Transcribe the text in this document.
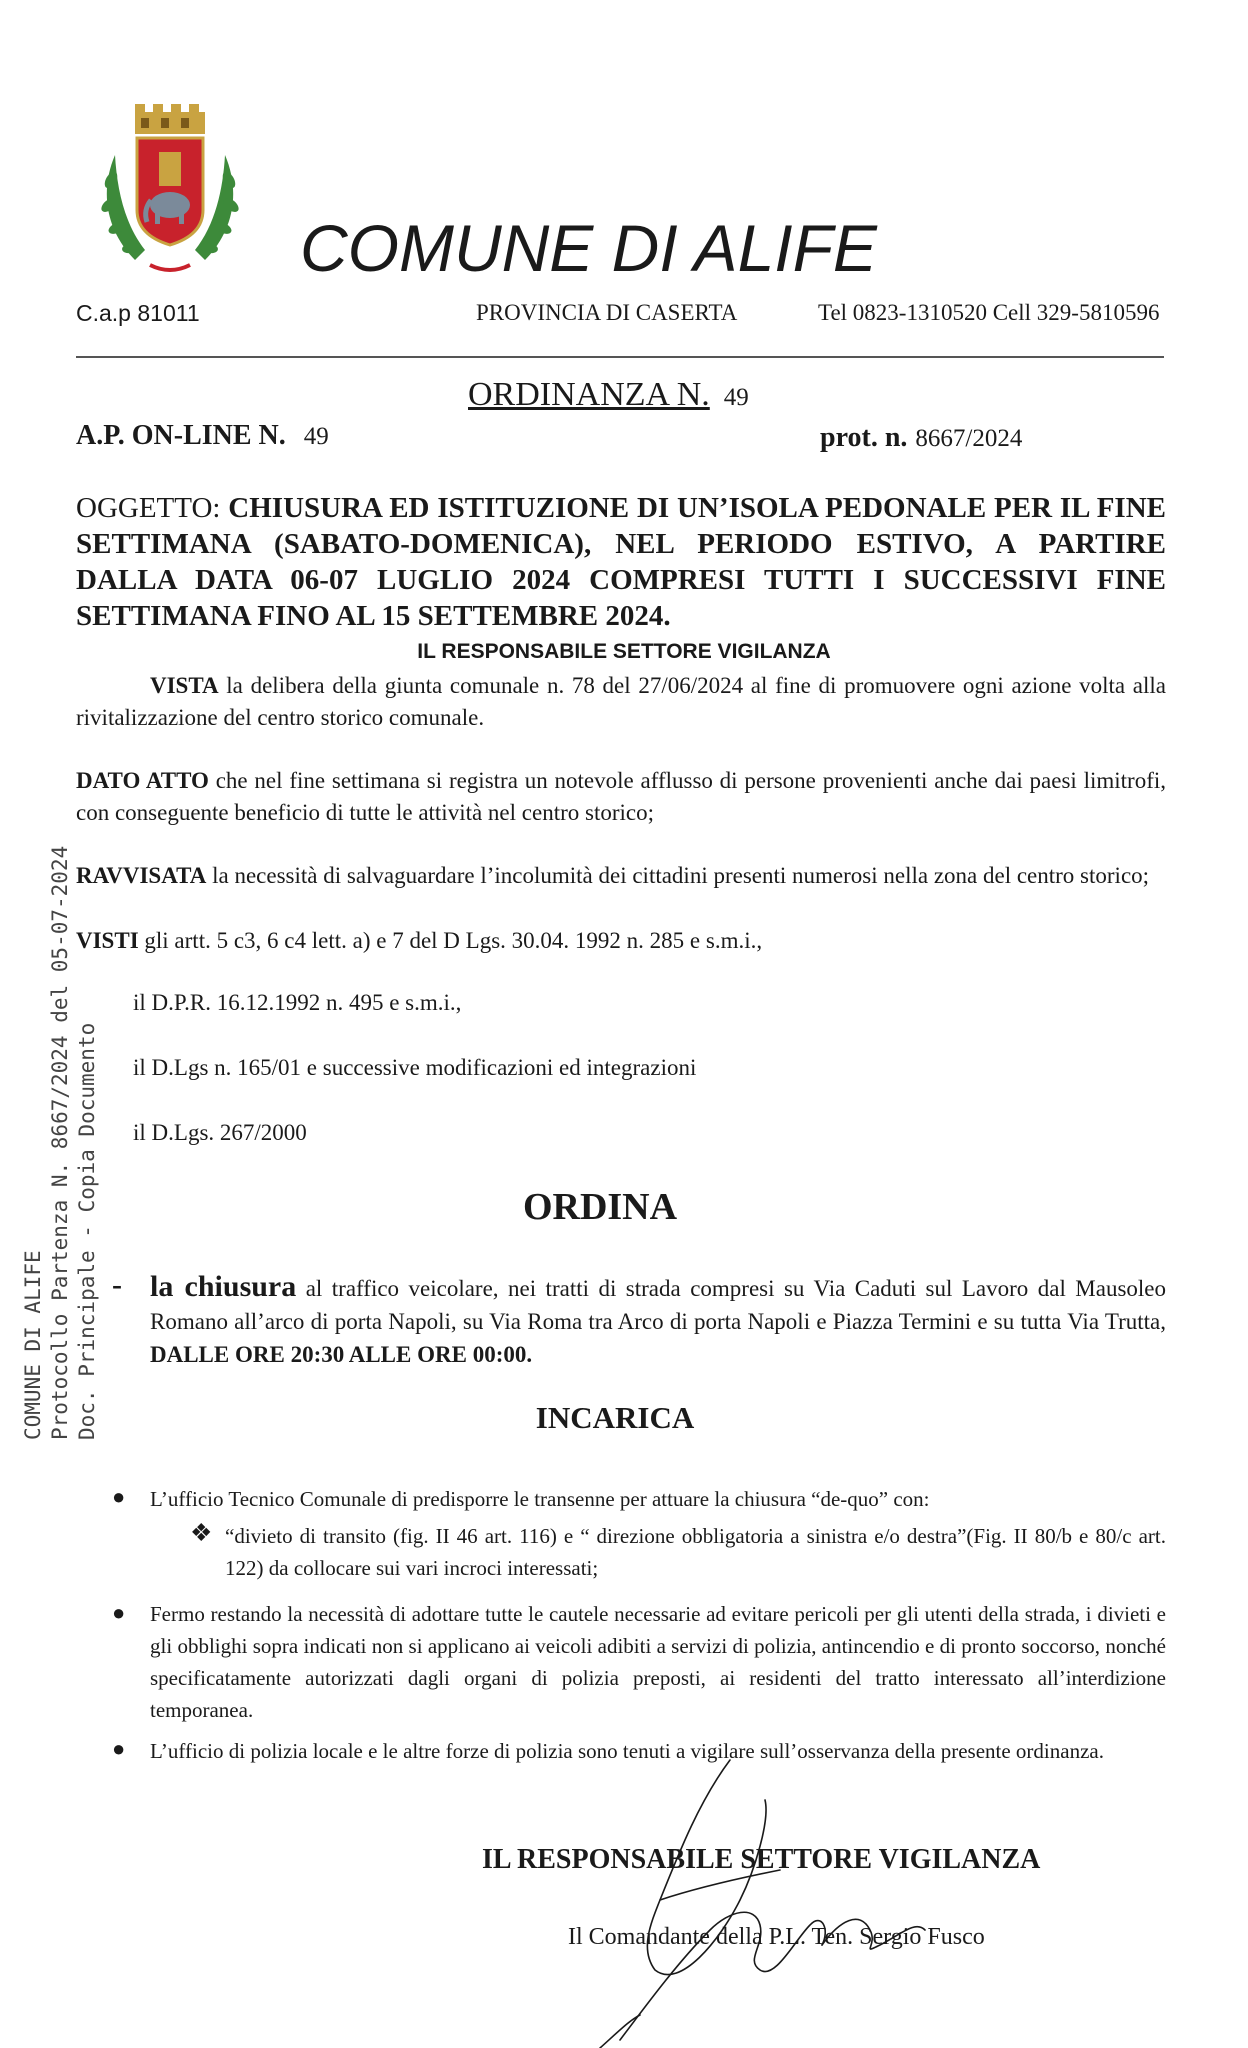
COMUNE DI ALIFE
C.a.p 81011	PROVINCIA DI CASERTA	Tel 0823-1310520 Cell 329-5810596
ORDINANZA N. 49
A.P. ON-LINE N. 49	prot. n. 8667/2024
OGGETTO: CHIUSURA ED ISTITUZIONE DI UN’ISOLA PEDONALE PER IL FINE SETTIMANA (SABATO-DOMENICA), NEL PERIODO ESTIVO, A PARTIRE DALLA DATA 06-07 LUGLIO 2024 COMPRESI TUTTI I SUCCESSIVI FINE SETTIMANA FINO AL 15 SETTEMBRE 2024.
IL RESPONSABILE SETTORE VIGILANZA
VISTA la delibera della giunta comunale n. 78 del 27/06/2024 al fine di promuovere ogni azione volta alla rivitalizzazione del centro storico comunale.
DATO ATTO che nel fine settimana si registra un notevole afflusso di persone provenienti anche dai paesi limitrofi, con conseguente beneficio di tutte le attività nel centro storico;
RAVVISATA la necessità di salvaguardare l’incolumità dei cittadini presenti numerosi nella zona del centro storico;
VISTI gli artt. 5 c3, 6 c4 lett. a) e 7 del D Lgs. 30.04. 1992 n. 285 e s.m.i.,
il D.P.R. 16.12.1992 n. 495 e s.m.i.,
il D.Lgs n. 165/01 e successive modificazioni ed integrazioni
il D.Lgs. 267/2000
ORDINA
- la chiusura al traffico veicolare, nei tratti di strada compresi su Via Caduti sul Lavoro dal Mausoleo Romano all’arco di porta Napoli, su Via Roma tra Arco di porta Napoli e Piazza Termini e su tutta Via Trutta, DALLE ORE 20:30 ALLE ORE 00:00.
INCARICA
● L’ufficio Tecnico Comunale di predisporre le transenne per attuare la chiusura “de-quo” con:
❖ “divieto di transito (fig. II 46 art. 116) e “ direzione obbligatoria a sinistra e/o destra”(Fig. II 80/b e 80/c art. 122) da collocare sui vari incroci interessati;
● Fermo restando la necessità di adottare tutte le cautele necessarie ad evitare pericoli per gli utenti della strada, i divieti e gli obblighi sopra indicati non si applicano ai veicoli adibiti a servizi di polizia, antincendio e di pronto soccorso, nonché specificatamente autorizzati dagli organi di polizia preposti, ai residenti del tratto interessato all’interdizione temporanea.
● L’ufficio di polizia locale e le altre forze di polizia sono tenuti a vigilare sull’osservanza della presente ordinanza.
IL RESPONSABILE SETTORE VIGILANZA
Il Comandante della P.L. Ten. Sergio Fusco
COMUNE DI ALIFE Protocollo Partenza N. 8667/2024 del 05-07-2024 Doc. Principale - Copia Documento
